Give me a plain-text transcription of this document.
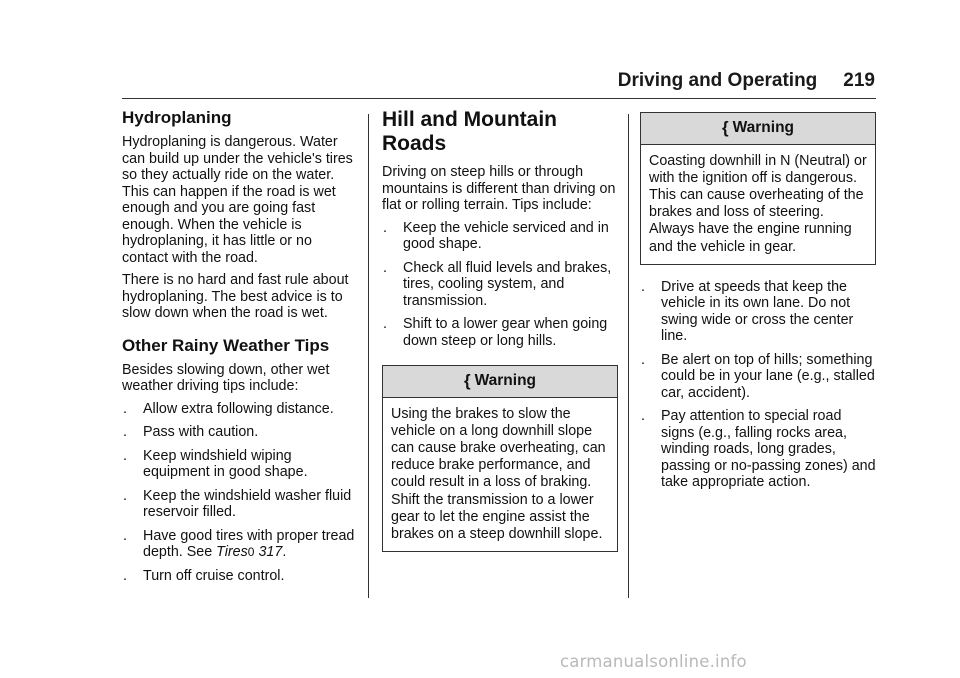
Driving and Operating 219
Hydroplaning

Hydroplaning is dangerous. Water can build up under the vehicle's tires so they actually ride on the water. This can happen if the road is wet enough and you are going fast enough. When the vehicle is hydroplaning, it has little or no contact with the road.

There is no hard and fast rule about hydroplaning. The best advice is to slow down when the road is wet.

Other Rainy Weather Tips

Besides slowing down, other wet weather driving tips include:

. Allow extra following distance.
. Pass with caution.
. Keep windshield wiping equipment in good shape.
. Keep the windshield washer fluid reservoir filled.
. Have good tires with proper tread depth. See Tires0 317.
. Turn off cruise control.
Hill and Mountain Roads

Driving on steep hills or through mountains is different than driving on flat or rolling terrain. Tips include:

. Keep the vehicle serviced and in good shape.
. Check all fluid levels and brakes, tires, cooling system, and transmission.
. Shift to a lower gear when going down steep or long hills.
{ Warning
Using the brakes to slow the vehicle on a long downhill slope can cause brake overheating, can reduce brake performance, and could result in a loss of braking. Shift the transmission to a lower gear to let the engine assist the brakes on a steep downhill slope.
{ Warning
Coasting downhill in N (Neutral) or with the ignition off is dangerous. This can cause overheating of the brakes and loss of steering. Always have the engine running and the vehicle in gear.
. Drive at speeds that keep the vehicle in its own lane. Do not swing wide or cross the center line.
. Be alert on top of hills; something could be in your lane (e.g., stalled car, accident).
. Pay attention to special road signs (e.g., falling rocks area, winding roads, long grades, passing or no-passing zones) and take appropriate action.
carmanualsonline.info
